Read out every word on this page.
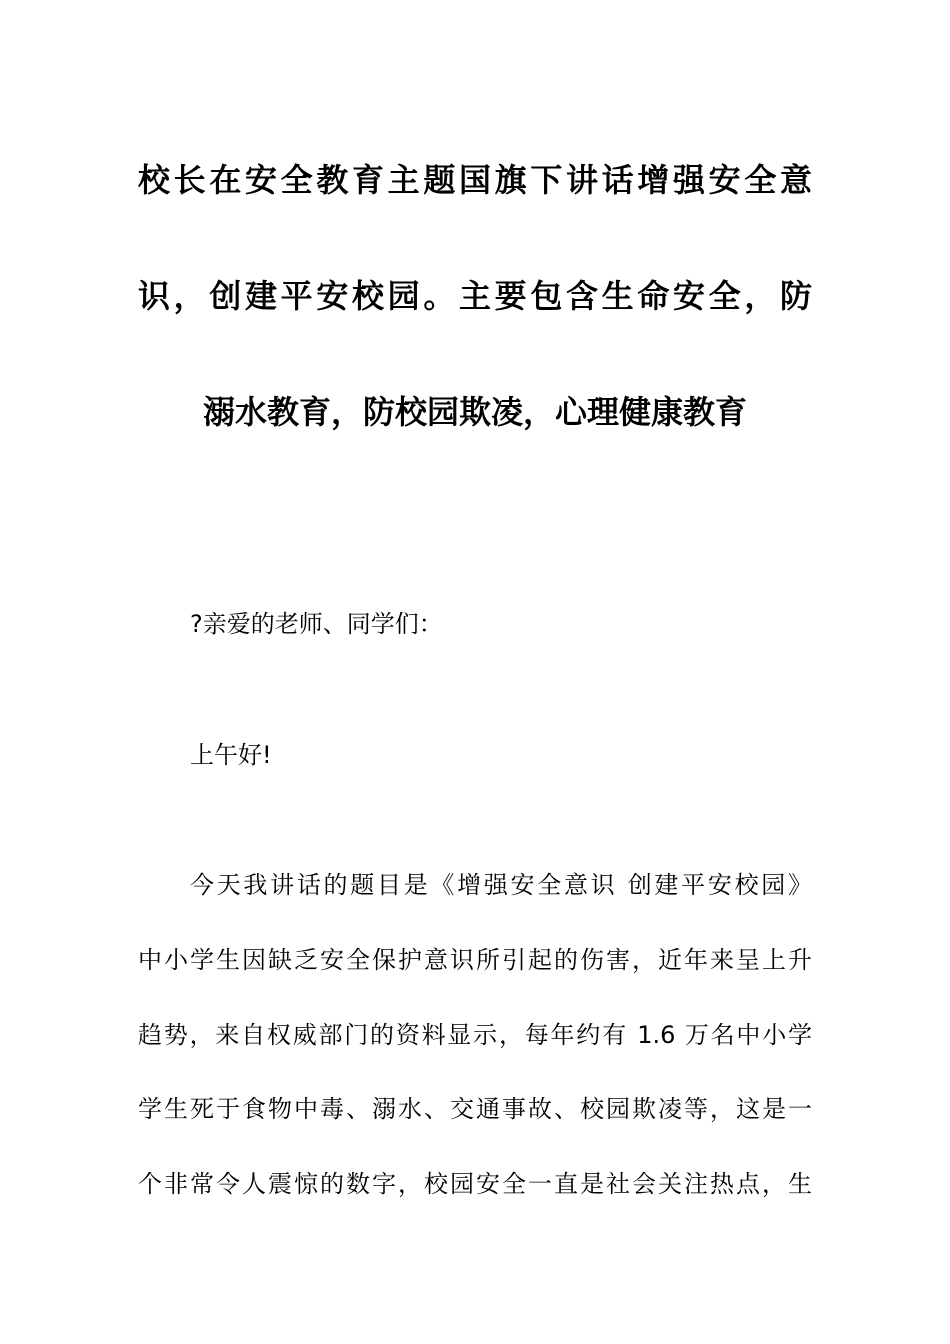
校长在安全教育主题国旗下讲话增强安全意
识，创建平安校园。主要包含生命安全，防
溺水教育，防校园欺凌，心理健康教育

?亲爱的老师、同学们：

上午好!

今天我讲话的题目是《增强安全意识 创建平安校园》

中小学生因缺乏安全保护意识所引起的伤害，近年来呈上升

趋势，来自权威部门的资料显示，每年约有 1.6 万名中小学

学生死于食物中毒、溺水、交通事故、校园欺凌等，这是一

个非常令人震惊的数字，校园安全一直是社会关注热点，生
